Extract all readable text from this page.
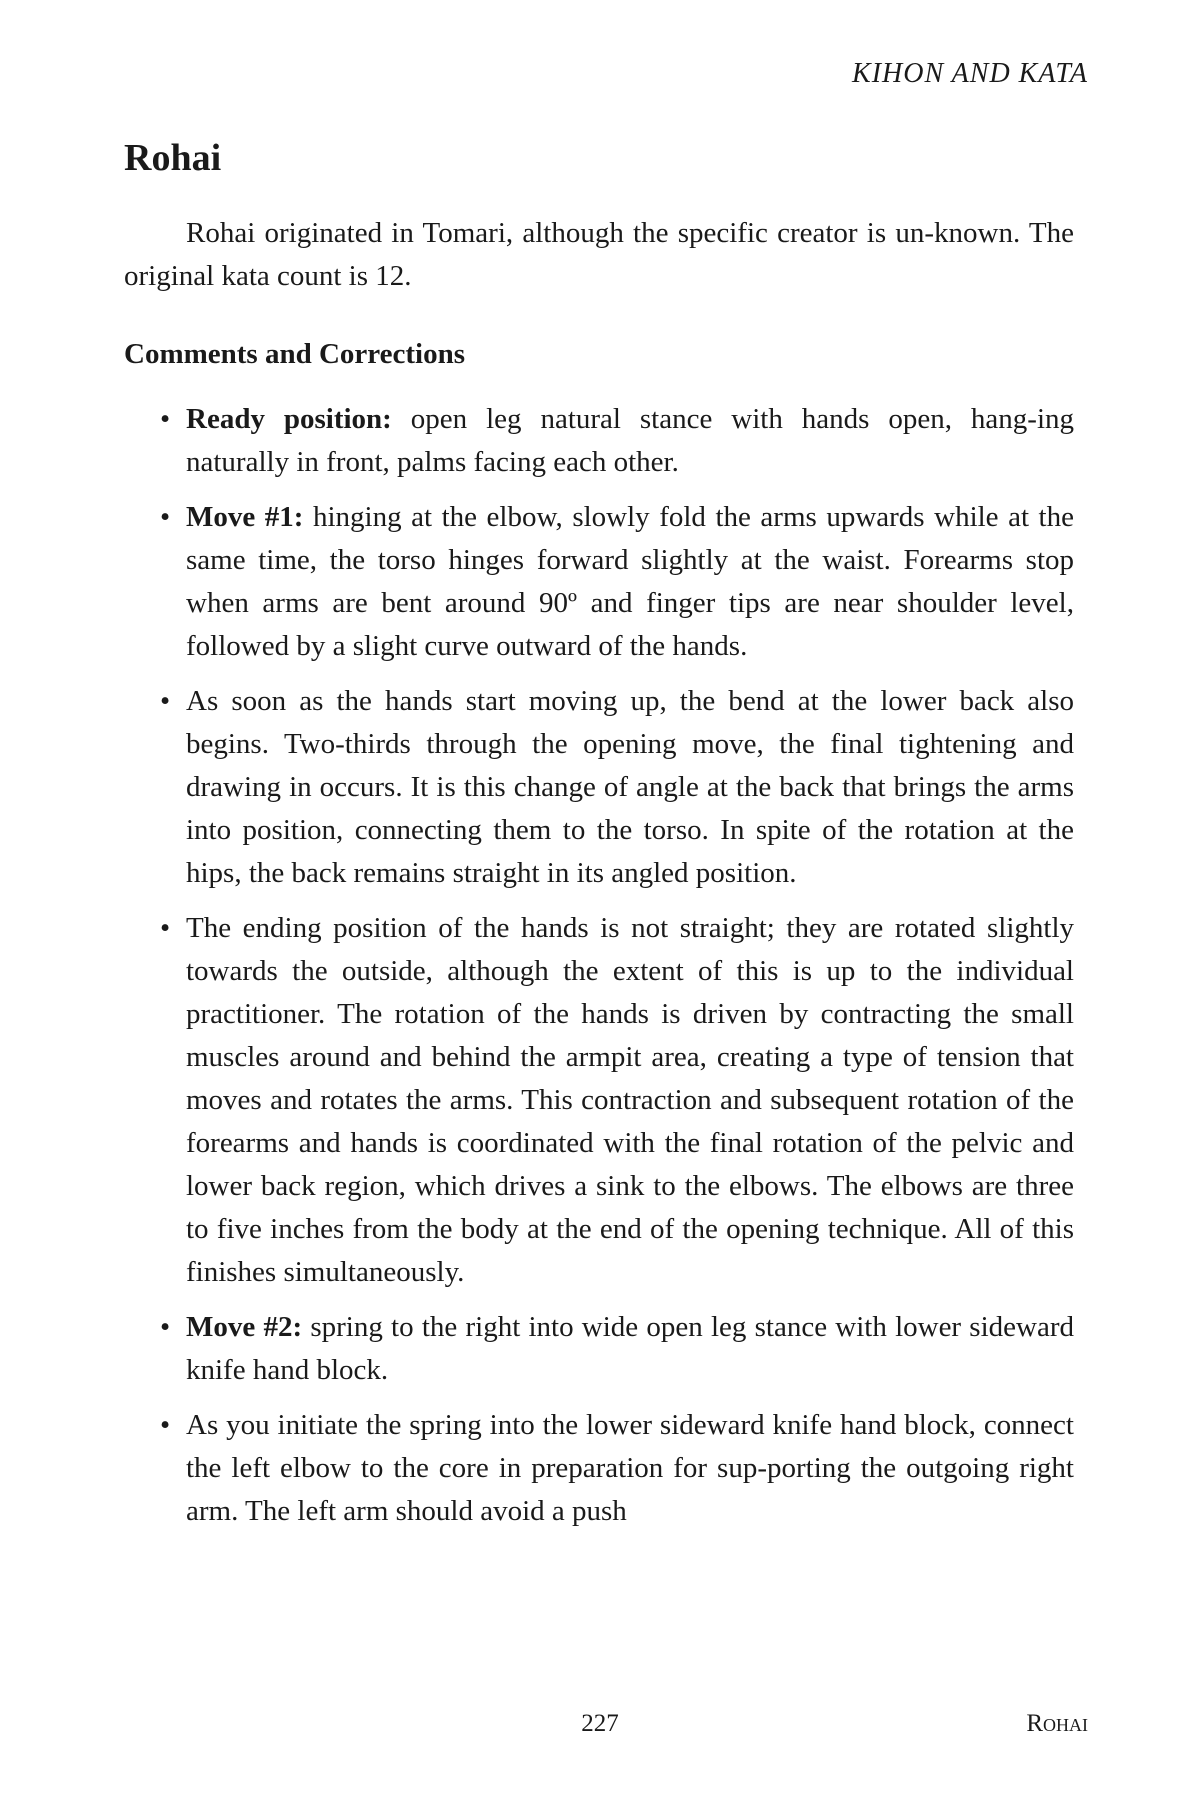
KIHON AND KATA
Rohai

Rohai originated in Tomari, although the specific creator is un-known. The original kata count is 12.

Comments and Corrections
• Ready position: open leg natural stance with hands open, hang-ing naturally in front, palms facing each other.
• Move #1: hinging at the elbow, slowly fold the arms upwards while at the same time, the torso hinges forward slightly at the waist. Forearms stop when arms are bent around 90º and finger tips are near shoulder level, followed by a slight curve outward of the hands.
• As soon as the hands start moving up, the bend at the lower back also begins. Two-thirds through the opening move, the final tightening and drawing in occurs. It is this change of angle at the back that brings the arms into position, connecting them to the torso. In spite of the rotation at the hips, the back remains straight in its angled position.
• The ending position of the hands is not straight; they are rotated slightly towards the outside, although the extent of this is up to the individual practitioner. The rotation of the hands is driven by contracting the small muscles around and behind the armpit area, creating a type of tension that moves and rotates the arms. This contraction and subsequent rotation of the forearms and hands is coordinated with the final rotation of the pelvic and lower back region, which drives a sink to the elbows. The elbows are three to five inches from the body at the end of the opening technique. All of this finishes simultaneously.
• Move #2: spring to the right into wide open leg stance with lower sideward knife hand block.
• As you initiate the spring into the lower sideward knife hand block, connect the left elbow to the core in preparation for sup-porting the outgoing right arm. The left arm should avoid a push
227	Rohai
